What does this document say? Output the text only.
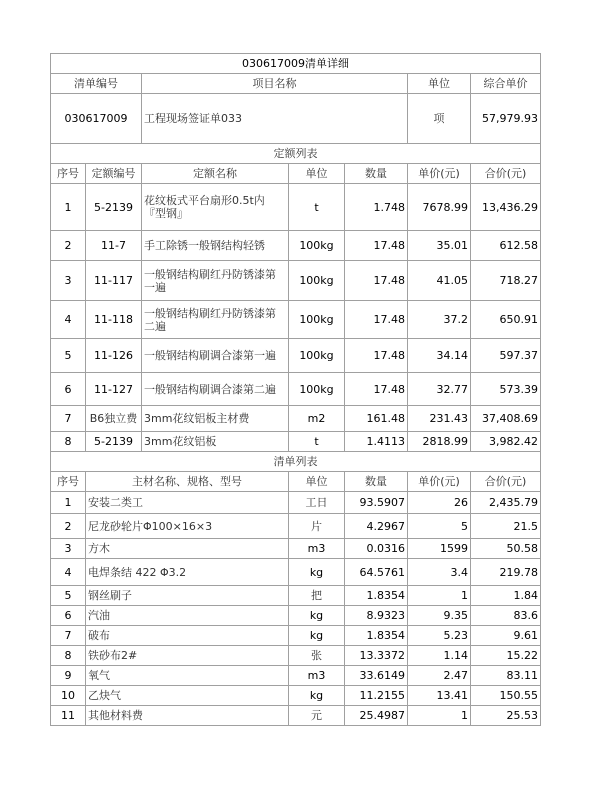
030617009清单详细						
清单编号		项目名称			单位	综合单价
030617009		工程现场签证单033			项	57,979.93
定额列表						
序号	定额编号	定额名称	单位	数量	单价(元)	合价(元)
1	5-2139	花纹板式平台扇形0.5t内『型钢』	t	1.748	7678.99	13,436.29
2	11-7	手工除锈一般钢结构轻锈	100kg	17.48	35.01	612.58
3	11-117	一般钢结构刷红丹防锈漆第一遍	100kg	17.48	41.05	718.27
4	11-118	一般钢结构刷红丹防锈漆第二遍	100kg	17.48	37.2	650.91
5	11-126	一般钢结构刷调合漆第一遍	100kg	17.48	34.14	597.37
6	11-127	一般钢结构刷调合漆第二遍	100kg	17.48	32.77	573.39
7	B6独立费	3mm花纹铝板主材费	m2	161.48	231.43	37,408.69
8	5-2139	3mm花纹铝板	t	1.4113	2818.99	3,982.42
清单列表						
序号	主材名称、规格、型号		单位	数量	单价(元)	合价(元)
1	安装二类工		工日	93.5907	26	2,435.79
2	尼龙砂轮片Φ100×16×3		片	4.2967	5	21.5
3	方木		m3	0.0316	1599	50.58
4	电焊条结 422 Φ3.2		kg	64.5761	3.4	219.78
5	钢丝刷子		把	1.8354	1	1.84
6	汽油		kg	8.9323	9.35	83.6
7	破布		kg	1.8354	5.23	9.61
8	铁砂布2#		张	13.3372	1.14	15.22
9	氧气		m3	33.6149	2.47	83.11
10	乙炔气		kg	11.2155	13.41	150.55
11	其他材料费		元	25.4987	1	25.53
